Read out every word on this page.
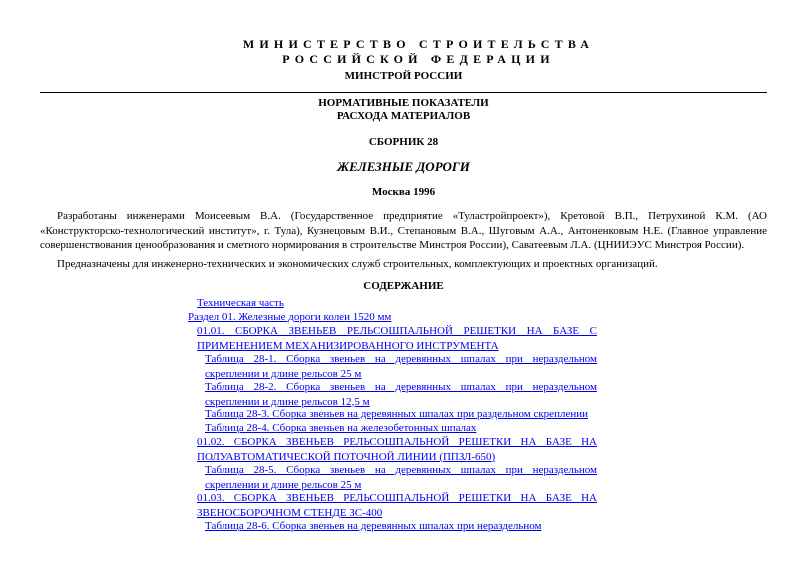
МИНИСТЕРСТВО СТРОИТЕЛЬСТВА
РОССИЙСКОЙ ФЕДЕРАЦИИ
МИНСТРОЙ РОССИИ
НОРМАТИВНЫЕ ПОКАЗАТЕЛИ
РАСХОДА МАТЕРИАЛОВ
СБОРНИК 28
ЖЕЛЕЗНЫЕ ДОРОГИ
Москва 1996
Разработаны инженерами Моисеевым В.А. (Государственное предприятие «Туластройпроект»), Кретовой В.П., Петрухиной К.М. (АО «Конструкторско-технологический институт», г. Тула), Кузнецовым В.И., Степановым В.А., Шуговым А.А., Антоненковым Н.Е. (Главное управление совершенствования ценообразования и сметного нормирования в строительстве Минстроя России), Саватеевым Л.А. (ЦНИИЭУС Минстроя России).
Предназначены для инженерно-технических и экономических служб строительных, комплектующих и проектных организаций.
СОДЕРЖАНИЕ
Техническая часть
Раздел 01. Железные дороги колеи 1520 мм
01.01. СБОРКА ЗВЕНЬЕВ РЕЛЬСОШПАЛЬНОЙ РЕШЕТКИ НА БАЗЕ С ПРИМЕНЕНИЕМ МЕХАНИЗИРОВАННОГО ИНСТРУМЕНТА
Таблица 28-1. Сборка звеньев на деревянных шпалах при нераздельном скреплении и длине рельсов 25 м
Таблица 28-2. Сборка звеньев на деревянных шпалах при нераздельном скреплении и длине рельсов 12,5 м
Таблица 28-3. Сборка звеньев на деревянных шпалах при раздельном скреплении
Таблица 28-4. Сборка звеньев на железобетонных шпалах
01.02. СБОРКА ЗВЕНЬЕВ РЕЛЬСОШПАЛЬНОЙ РЕШЕТКИ НА БАЗЕ НА ПОЛУАВТОМАТИЧЕСКОЙ ПОТОЧНОЙ ЛИНИИ (ППЗЛ-650)
Таблица 28-5. Сборка звеньев на деревянных шпалах при нераздельном скреплении и длине рельсов 25 м
01.03. СБОРКА ЗВЕНЬЕВ РЕЛЬСОШПАЛЬНОЙ РЕШЕТКИ НА БАЗЕ НА ЗВЕНОСБОРОЧНОМ СТЕНДЕ ЗС-400
Таблица 28-6. Сборка звеньев на деревянных шпалах при нераздельном
